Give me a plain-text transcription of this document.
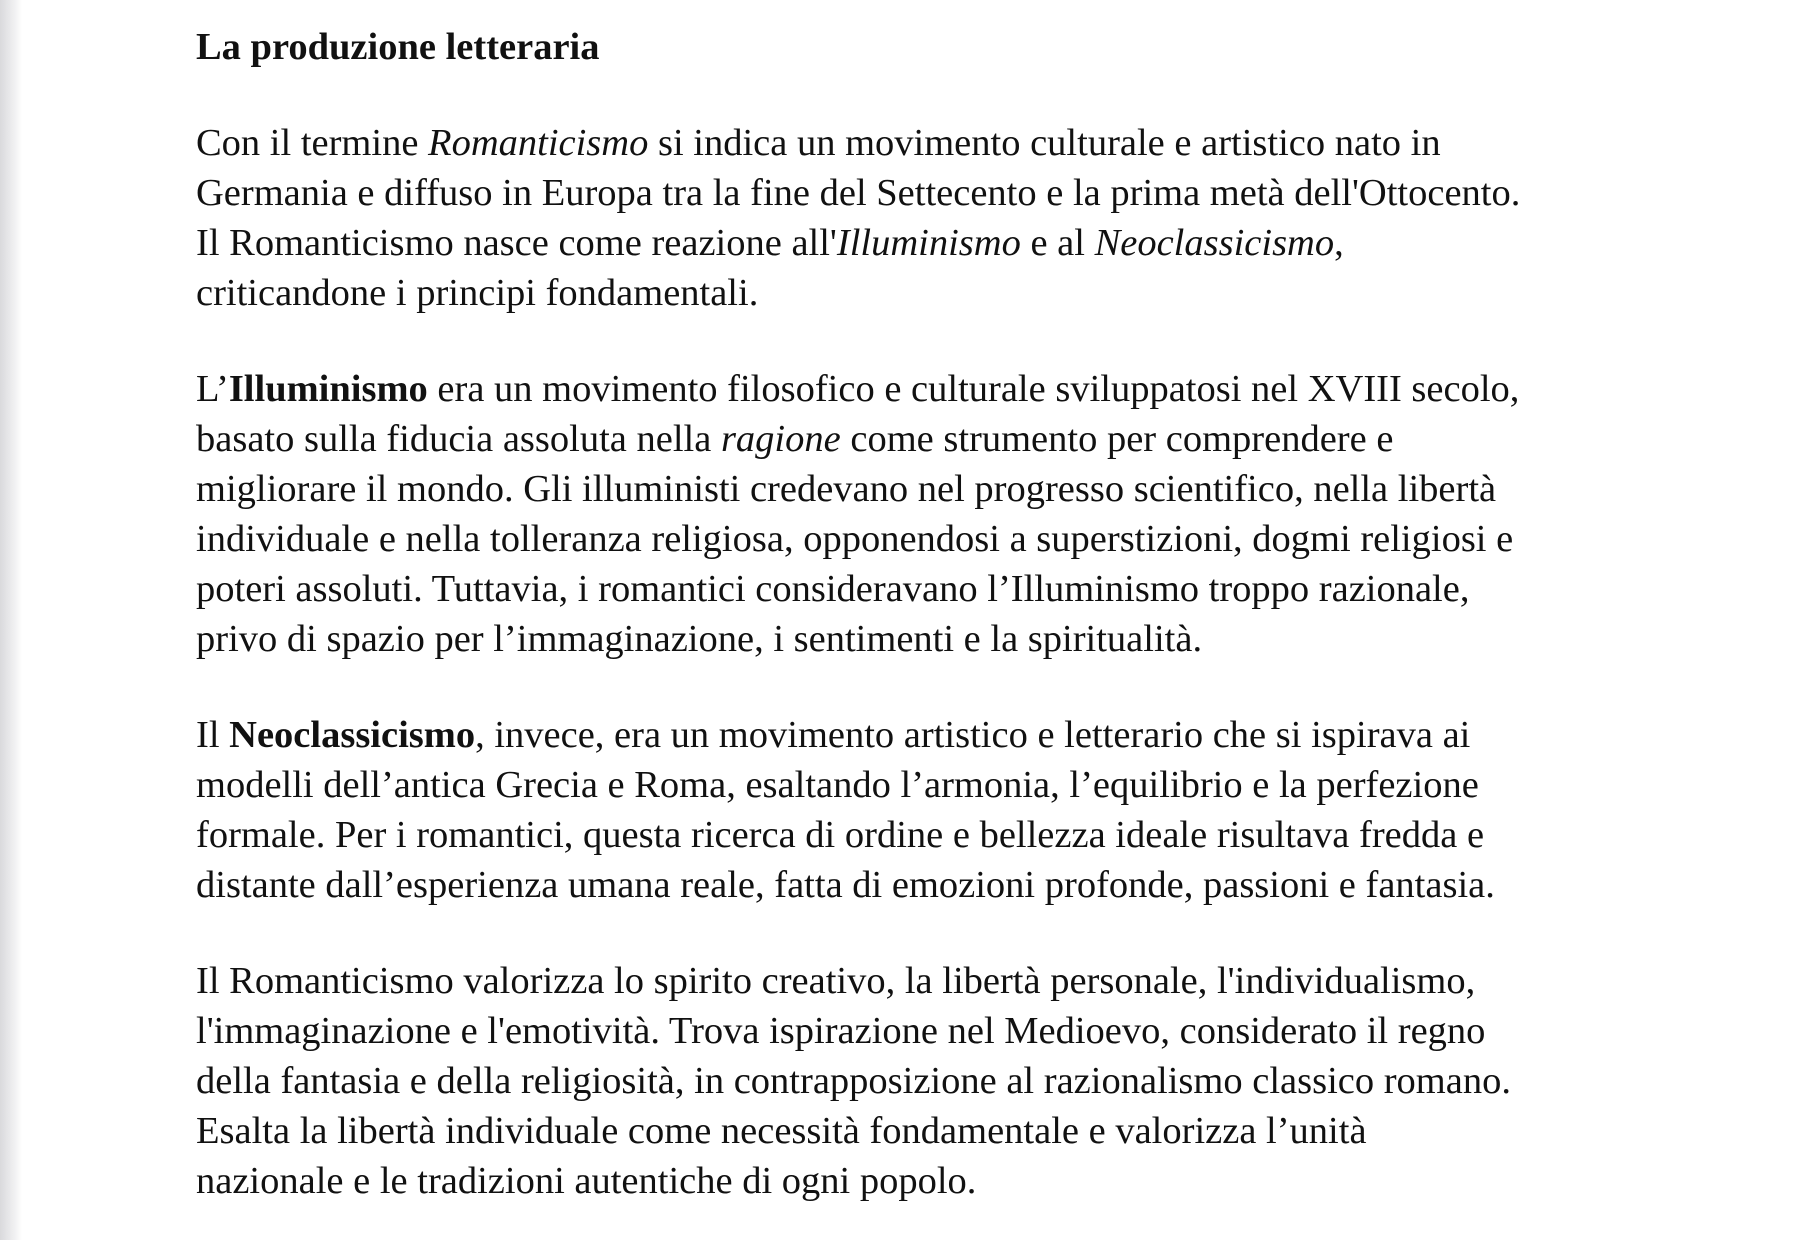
La produzione letteraria

Con il termine Romanticismo si indica un movimento culturale e artistico nato in
Germania e diffuso in Europa tra la fine del Settecento e la prima metà dell'Ottocento.
Il Romanticismo nasce come reazione all'Illuminismo e al Neoclassicismo,
criticandone i principi fondamentali.

L’Illuminismo era un movimento filosofico e culturale sviluppatosi nel XVIII secolo,
basato sulla fiducia assoluta nella ragione come strumento per comprendere e
migliorare il mondo. Gli illuministi credevano nel progresso scientifico, nella libertà
individuale e nella tolleranza religiosa, opponendosi a superstizioni, dogmi religiosi e
poteri assoluti. Tuttavia, i romantici consideravano l’Illuminismo troppo razionale,
privo di spazio per l’immaginazione, i sentimenti e la spiritualità.

Il Neoclassicismo, invece, era un movimento artistico e letterario che si ispirava ai
modelli dell’antica Grecia e Roma, esaltando l’armonia, l’equilibrio e la perfezione
formale. Per i romantici, questa ricerca di ordine e bellezza ideale risultava fredda e
distante dall’esperienza umana reale, fatta di emozioni profonde, passioni e fantasia.

Il Romanticismo valorizza lo spirito creativo, la libertà personale, l'individualismo,
l'immaginazione e l'emotività. Trova ispirazione nel Medioevo, considerato il regno
della fantasia e della religiosità, in contrapposizione al razionalismo classico romano.
Esalta la libertà individuale come necessità fondamentale e valorizza l’unità
nazionale e le tradizioni autentiche di ogni popolo.
